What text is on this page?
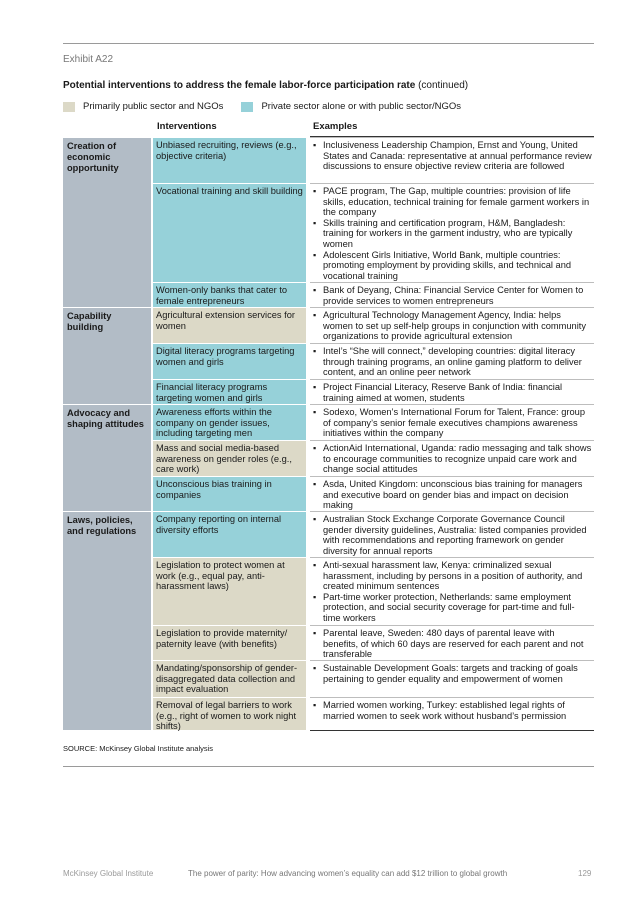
Exhibit A22
Potential interventions to address the female labor-force participation rate (continued)
Primarily public sector and NGOs	Private sector alone or with public sector/NGOs
Interventions	Examples
Creation of economic opportunity
Capability building
Advocacy and shaping attitudes
Laws, policies, and regulations
Unbiased recruiting, reviews (e.g., objective criteria)
▪ Inclusiveness Leadership Champion, Ernst and Young, United States and Canada: representative at annual performance review discussions to ensure objective review criteria are followed
Vocational training and skill building
▪	PACE program, The Gap, multiple countries: provision of life skills, education, technical training for female garment workers in the company
▪ Skills training and certification program, H&M, Bangladesh: training for workers in the garment industry, who are typically women
▪ Adolescent Girls Initiative, World Bank, multiple countries: promoting employment by providing skills, and technical and vocational training
Women-only banks that cater to female entrepreneurs
▪ Bank of Deyang, China: Financial Service Center for Women to provide services to women entrepreneurs
Agricultural extension services for women
▪ Agricultural Technology Management Agency, India: helps women to set up self-help groups in conjunction with community organizations to provide agricultural extension
Digital literacy programs targeting women and girls
▪ Intel’s “She will connect,” developing countries: digital literacy through training programs, an online gaming platform to deliver content, and an online peer network
Financial literacy programs targeting women and girls
▪ Project Financial Literacy, Reserve Bank of India: financial training aimed at women, students
Awareness efforts within the company on gender issues, including targeting men
▪ Sodexo, Women’s International Forum for Talent, France: group of company’s senior female executives champions awareness initiatives within the company
Mass and social media-based awareness on gender roles (e.g., care work)
▪ ActionAid International, Uganda: radio messaging and talk shows to encourage communities to recognize unpaid care work and change social attitudes
Unconscious bias training in companies
▪ Asda, United Kingdom: unconscious bias training for managers and executive board on gender bias and impact on decision making
Company reporting on internal diversity efforts
▪ Australian Stock Exchange Corporate Governance Council gender diversity guidelines, Australia: listed companies provided with recommendations and reporting framework on gender diversity for annual reports
Legislation to protect women at work (e.g., equal pay, anti-harassment laws)
▪ Anti-sexual harassment law, Kenya: criminalized sexual harassment, including by persons in a position of authority, and created minimum sentences
▪ Part-time worker protection, Netherlands: same employment protection, and social security coverage for part-time and full-time workers
Legislation to provide maternity/ paternity leave (with benefits)
▪ Parental leave, Sweden: 480 days of parental leave with benefits, of which 60 days are reserved for each parent and not transferable
Mandating/sponsorship of gender-disaggregated data collection and impact evaluation
▪ Sustainable Development Goals: targets and tracking of goals pertaining to gender equality and empowerment of women
Removal of legal barriers to work (e.g., right of women to work night shifts)
▪ Married women working, Turkey: established legal rights of married women to seek work without husband’s permission
SOURCE: McKinsey Global Institute analysis
McKinsey Global Institute	The power of parity: How advancing women’s equality can add $12 trillion to global growth	129
